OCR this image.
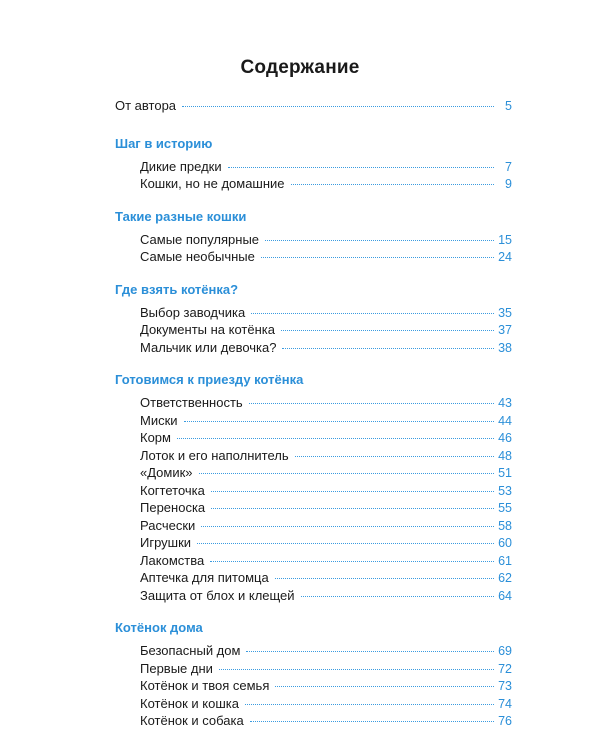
Содержание
От автора	5
Шаг в историю
Дикие предки	7
Кошки, но не домашние	9
Такие разные кошки
Самые популярные	15
Самые необычные	24
Где взять котёнка?
Выбор заводчика	35
Документы на котёнка	37
Мальчик или девочка?	38
Готовимся к приезду котёнка
Ответственность	43
Миски	44
Корм	46
Лоток и его наполнитель	48
«Домик»	51
Когтеточка	53
Переноска	55
Расчески	58
Игрушки	60
Лакомства	61
Аптечка для питомца	62
Защита от блох и клещей	64
Котёнок дома
Безопасный дом	69
Первые дни	72
Котёнок и твоя семья	73
Котёнок и кошка	74
Котёнок и собака	76
